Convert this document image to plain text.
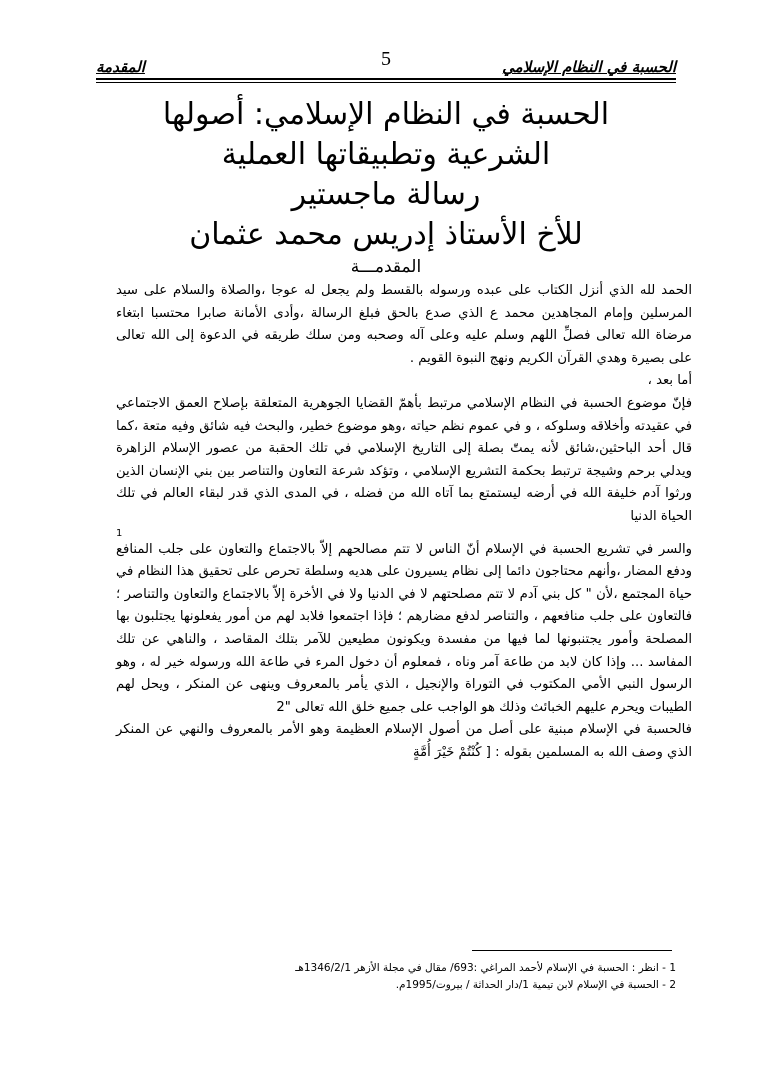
الحسبة في النظام الإسلامي
5
المقدمة
الحسبة في النظام الإسلامي: أصولها
الشرعية وتطبيقاتها العملية
رسالة ماجستير
للأخ الأستاذ إدريس محمد عثمان
المقدمـــة

الحمد لله الذي أنزل الكتاب على عبده ورسوله بالقسط ولم يجعل له عوجا ،والصلاة والسلام على سيد المرسلين وإمام المجاهدين محمد ع الذي صدع بالحق فبلغ الرسالة ،وأدى الأمانة صابرا محتسبا ابتغاء مرضاة الله تعالى فصلِّ اللهم وسلم عليه وعلى آله وصحبه ومن سلك طريقه في الدعوة إلى الله تعالى على بصيرة وهدي القرآن الكريم ونهج النبوة القويم .

أما بعد ،

فإنّ موضوع الحسبة في النظام الإسلامي مرتبط بأهمّ القضايا الجوهرية المتعلقة بإصلاح العمق الاجتماعي في عقيدته وأخلاقه وسلوكه ، و في عموم نظم حياته ،وهو موضوع خطير، والبحث فيه شائق وفيه متعة ،كما قال أحد الباحثين،شائق لأنه يمتّ بصلة إلى التاريخ الإسلامي في تلك الحقبة من عصور الإسلام الزاهرة ويدلي برحم وشيجة ترتبط بحكمة التشريع الإسلامي ، وتؤكد شرعة التعاون والتناصر بين بني الإنسان الذين ورثوا آدم خليفة الله في أرضه ليستمتع بما آتاه الله من فضله ، في المدى الذي قدر لبقاء العالم في تلك الحياة الدنيا

1

والسر في تشريع الحسبة في الإسلام أنّ الناس لا تتم مصالحهم إلاّ بالاجتماع والتعاون على جلب المنافع ودفع المضار ،وأنهم محتاجون دائما إلى نظام يسيرون على هديه وسلطة تحرص على تحقيق هذا النظام في حياة المجتمع ،لأن " كل بني آدم لا تتم مصلحتهم لا في الدنيا ولا في الأخرة إلاّ بالاجتماع والتعاون والتناصر ؛ فالتعاون على جلب منافعهم ، والتناصر لدفع مضارهم ؛ فإذا اجتمعوا فلابد لهم من أمور يفعلونها يجتلبون بها المصلحة وأمور يجتنبونها لما فيها من مفسدة ويكونون مطيعين للآمر بتلك المقاصد ، والناهي عن تلك المفاسد ... وإذا كان لابد من طاعة آمر وناه ، فمعلوم أن دخول المرء في طاعة الله ورسوله خير له ، وهو الرسول النبي الأمي المكتوب في التوراة والإنجيل ، الذي يأمر بالمعروف وينهى عن المنكر ، ويحل لهم الطيبات ويحرم عليهم الخبائث وذلك هو الواجب على جميع خلق الله تعالى "2

فالحسبة في الإسلام مبنية على أصل من أصول الإسلام العظيمة وهو الأمر بالمعروف والنهي عن المنكر الذي وصف الله به المسلمين بقوله : [ كُنْتُمْ خَيْرَ أُمَّةٍ

1 - انظر : الحسبة في الإسلام لأحمد المراغي :693/ مقال في مجلة الأزهر 1346/2/1هـ
2 - الحسبة في الإسلام لابن تيمية 1/دار الحداثة / بيروت/1995م.
